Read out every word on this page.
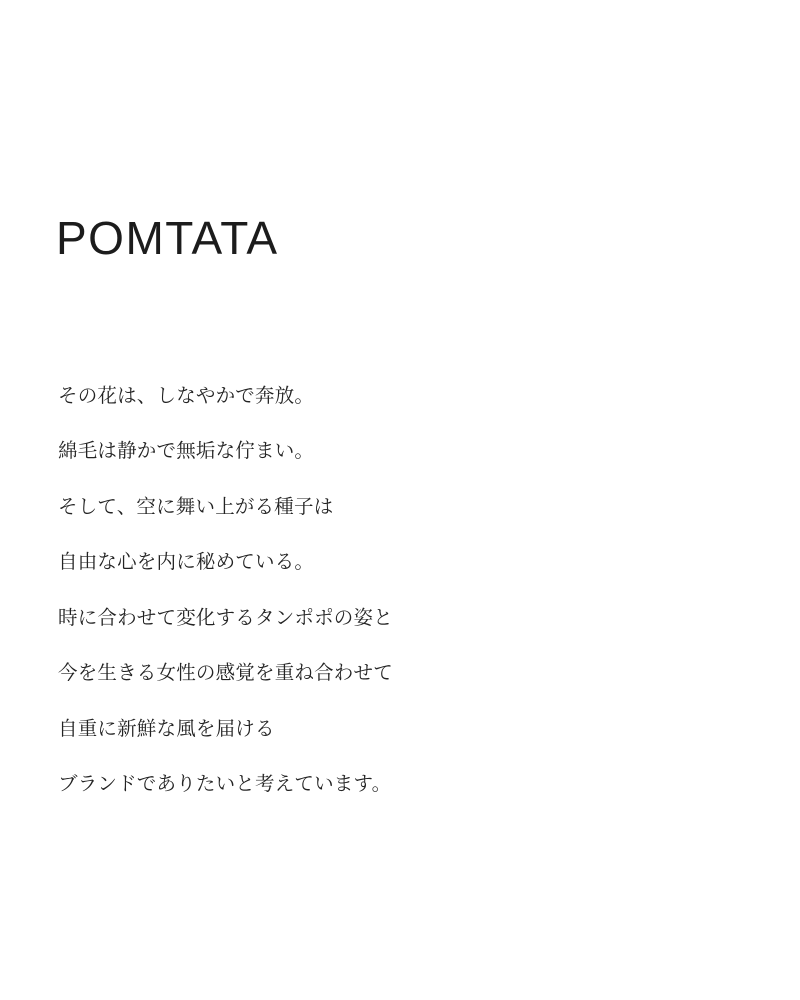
POMTATA

その花は、しなやかで奔放。

綿毛は静かで無垢な佇まい。

そして、空に舞い上がる種子は

自由な心を内に秘めている。

時に合わせて変化するタンポポの姿と

今を生きる女性の感覚を重ね合わせて

自重に新鮮な風を届ける

ブランドでありたいと考えています。
